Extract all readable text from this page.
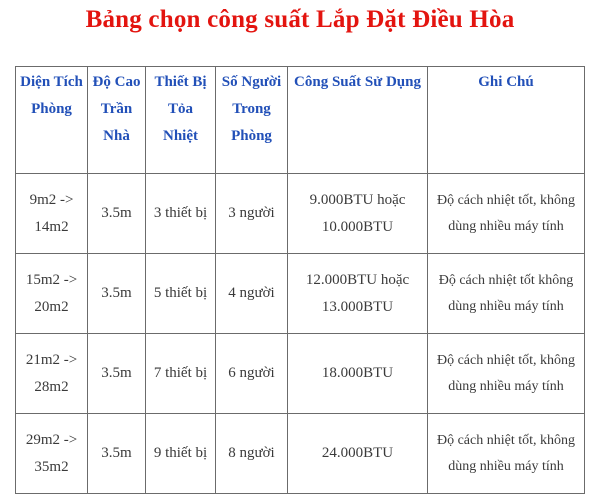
Bảng chọn công suất Lắp Đặt Điều Hòa
Diện Tích Phòng	Độ Cao Trần Nhà	Thiết Bị Tỏa Nhiệt	Số Người Trong Phòng	Công Suất Sử Dụng	Ghi Chú
9m2 -> 14m2	3.5m	3 thiết bị	3 người	9.000BTU hoặc 10.000BTU	Độ cách nhiệt tốt, không dùng nhiều máy tính
15m2 -> 20m2	3.5m	5 thiết bị	4 người	12.000BTU hoặc 13.000BTU	Độ cách nhiệt tốt không dùng nhiều máy tính
21m2 -> 28m2	3.5m	7 thiết bị	6 người	18.000BTU	Độ cách nhiệt tốt, không dùng nhiều máy tính
29m2 -> 35m2	3.5m	9 thiết bị	8 người	24.000BTU	Độ cách nhiệt tốt, không dùng nhiều máy tính
